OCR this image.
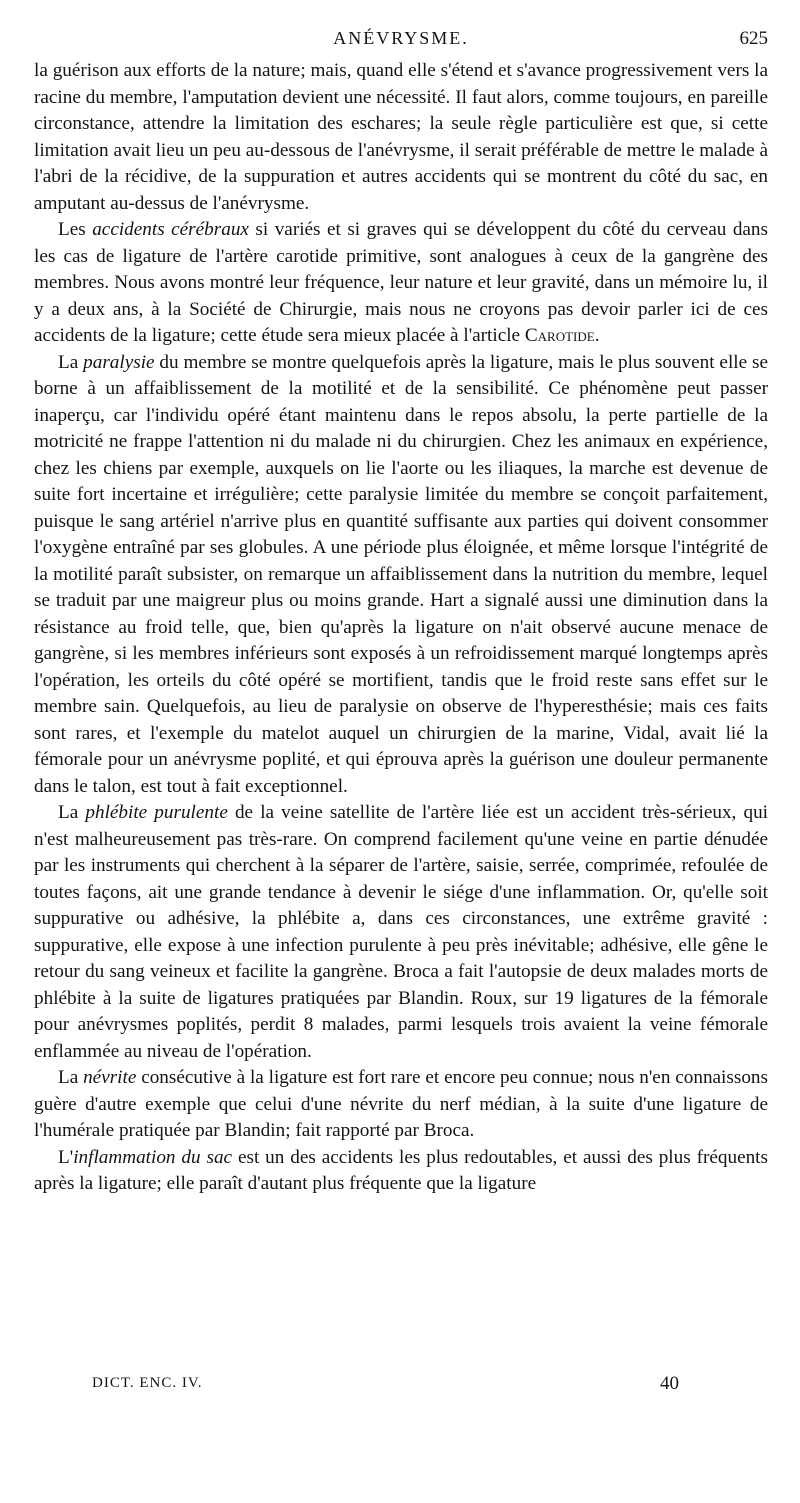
ANÉVRYSME.	625

la guérison aux efforts de la nature; mais, quand elle s'étend et s'avance progressivement vers la racine du membre, l'amputation devient une nécessité. Il faut alors, comme toujours, en pareille circonstance, attendre la limitation des eschares; la seule règle particulière est que, si cette limitation avait lieu un peu au-dessous de l'anévrysme, il serait préférable de mettre le malade à l'abri de la récidive, de la suppuration et autres accidents qui se montrent du côté du sac, en amputant au-dessus de l'anévrysme.

Les accidents cérébraux si variés et si graves qui se développent du côté du cerveau dans les cas de ligature de l'artère carotide primitive, sont analogues à ceux de la gangrène des membres. Nous avons montré leur fréquence, leur nature et leur gravité, dans un mémoire lu, il y a deux ans, à la Société de Chirurgie, mais nous ne croyons pas devoir parler ici de ces accidents de la ligature; cette étude sera mieux placée à l'article Carotide.

La paralysie du membre se montre quelquefois après la ligature, mais le plus souvent elle se borne à un affaiblissement de la motilité et de la sensibilité. Ce phénomène peut passer inaperçu, car l'individu opéré étant maintenu dans le repos absolu, la perte partielle de la motricité ne frappe l'attention ni du malade ni du chirurgien. Chez les animaux en expérience, chez les chiens par exemple, auxquels on lie l'aorte ou les iliaques, la marche est devenue de suite fort incertaine et irrégulière; cette paralysie limitée du membre se conçoit parfaitement, puisque le sang artériel n'arrive plus en quantité suffisante aux parties qui doivent consommer l'oxygène entraîné par ses globules. A une période plus éloignée, et même lorsque l'intégrité de la motilité paraît subsister, on remarque un affaiblissement dans la nutrition du membre, lequel se traduit par une maigreur plus ou moins grande. Hart a signalé aussi une diminution dans la résistance au froid telle, que, bien qu'après la ligature on n'ait observé aucune menace de gangrène, si les membres inférieurs sont exposés à un refroidissement marqué longtemps après l'opération, les orteils du côté opéré se mortifient, tandis que le froid reste sans effet sur le membre sain. Quelquefois, au lieu de paralysie on observe de l'hyperesthésie; mais ces faits sont rares, et l'exemple du matelot auquel un chirurgien de la marine, Vidal, avait lié la fémorale pour un anévrysme poplité, et qui éprouva après la guérison une douleur permanente dans le talon, est tout à fait exceptionnel.

La phlébite purulente de la veine satellite de l'artère liée est un accident très-sérieux, qui n'est malheureusement pas très-rare. On comprend facilement qu'une veine en partie dénudée par les instruments qui cherchent à la séparer de l'artère, saisie, serrée, comprimée, refoulée de toutes façons, ait une grande tendance à devenir le siége d'une inflammation. Or, qu'elle soit suppurative ou adhésive, la phlébite a, dans ces circonstances, une extrême gravité : suppurative, elle expose à une infection purulente à peu près inévitable; adhésive, elle gêne le retour du sang veineux et facilite la gangrène. Broca a fait l'autopsie de deux malades morts de phlébite à la suite de ligatures pratiquées par Blandin. Roux, sur 19 ligatures de la fémorale pour anévrysmes poplités, perdit 8 malades, parmi lesquels trois avaient la veine fémorale enflammée au niveau de l'opération.

La névrite consécutive à la ligature est fort rare et encore peu connue; nous n'en connaissons guère d'autre exemple que celui d'une névrite du nerf médian, à la suite d'une ligature de l'humérale pratiquée par Blandin; fait rapporté par Broca.

L'inflammation du sac est un des accidents les plus redoutables, et aussi des plus fréquents après la ligature; elle paraît d'autant plus fréquente que la ligature

DICT. ENC. IV.	40
